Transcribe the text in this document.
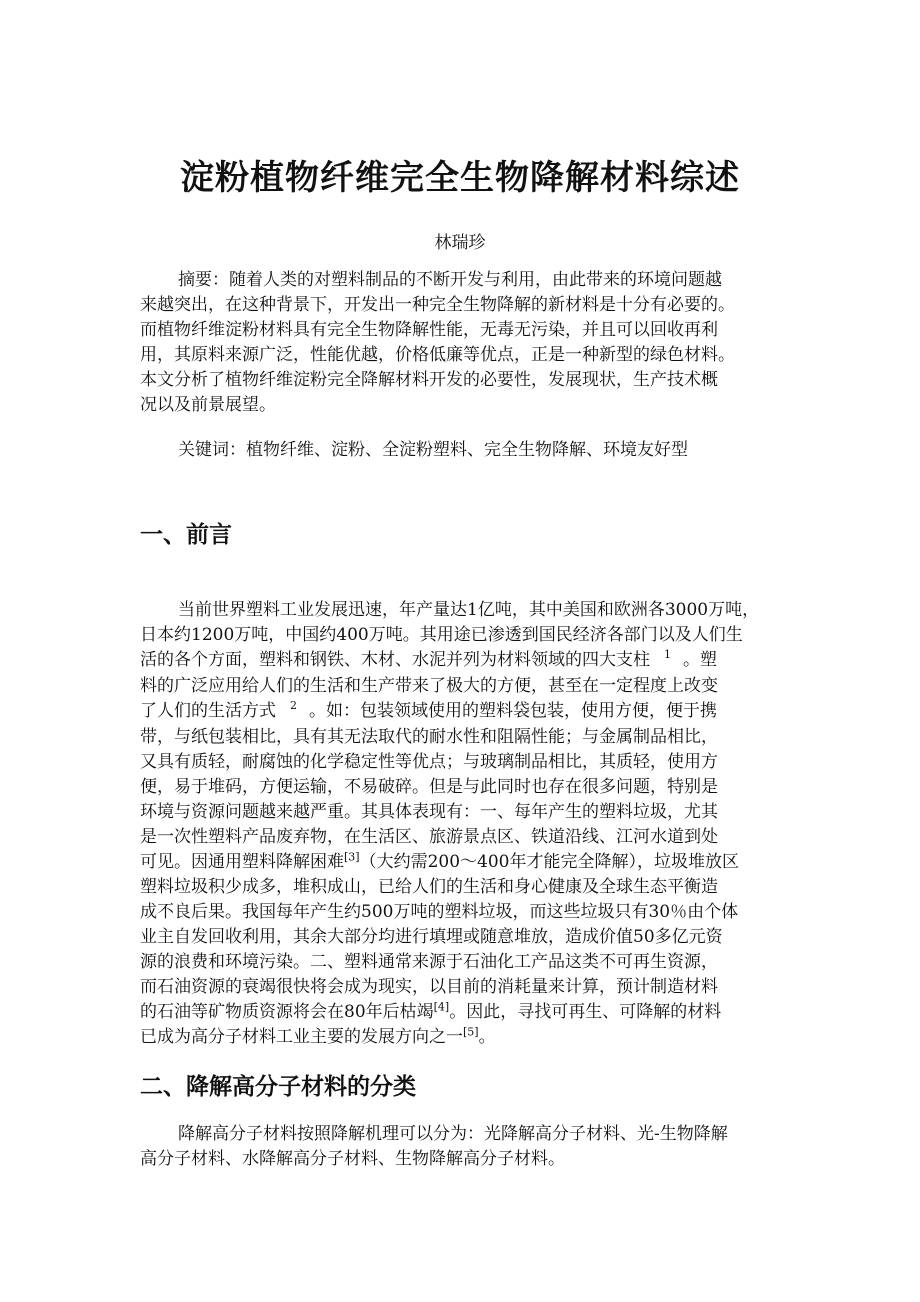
淀粉植物纤维完全生物降解材料综述
林瑞珍
摘要：随着人类的对塑料制品的不断开发与利用，由此带来的环境问题越
来越突出，在这种背景下，开发出一种完全生物降解的新材料是十分有必要的。
而植物纤维淀粉材料具有完全生物降解性能，无毒无污染，并且可以回收再利
用，其原料来源广泛，性能优越，价格低廉等优点，正是一种新型的绿色材料。
本文分析了植物纤维淀粉完全降解材料开发的必要性，发展现状，生产技术概
况以及前景展望。
关键词：植物纤维、淀粉、全淀粉塑料、完全生物降解、环境友好型
一、前言
当前世界塑料工业发展迅速，年产量达1亿吨，其中美国和欧洲各3000万吨，
日本约1200万吨，中国约400万吨。其用途已渗透到国民经济各部门以及人们生
活的各个方面，塑料和钢铁、木材、水泥并列为材料领域的四大支柱 $^1$ 。塑
料的广泛应用给人们的生活和生产带来了极大的方便，甚至在一定程度上改变
了人们的生活方式 $^2$ 。如：包装领域使用的塑料袋包装，使用方便，便于携
带，与纸包装相比，具有其无法取代的耐水性和阻隔性能；与金属制品相比，
又具有质轻，耐腐蚀的化学稳定性等优点；与玻璃制品相比，其质轻，使用方
便，易于堆码，方便运输，不易破碎。但是与此同时也存在很多问题，特别是
环境与资源问题越来越严重。其具体表现有：一、每年产生的塑料垃圾，尤其
是一次性塑料产品废弃物，在生活区、旅游景点区、铁道沿线、江河水道到处
可见。因通用塑料降解困难[3]（大约需200～400年才能完全降解），垃圾堆放区
塑料垃圾积少成多，堆积成山，已给人们的生活和身心健康及全球生态平衡造
成不良后果。我国每年产生约500万吨的塑料垃圾，而这些垃圾只有30％由个体
业主自发回收利用，其余大部分均进行填埋或随意堆放，造成价值50多亿元资
源的浪费和环境污染。二、塑料通常来源于石油化工产品这类不可再生资源，
而石油资源的衰竭很快将会成为现实，以目前的消耗量来计算，预计制造材料
的石油等矿物质资源将会在80年后枯竭[4]。因此，寻找可再生、可降解的材料
已成为高分子材料工业主要的发展方向之一[5]。
二、降解高分子材料的分类
降解高分子材料按照降解机理可以分为：光降解高分子材料、光-生物降解
高分子材料、水降解高分子材料、生物降解高分子材料。
